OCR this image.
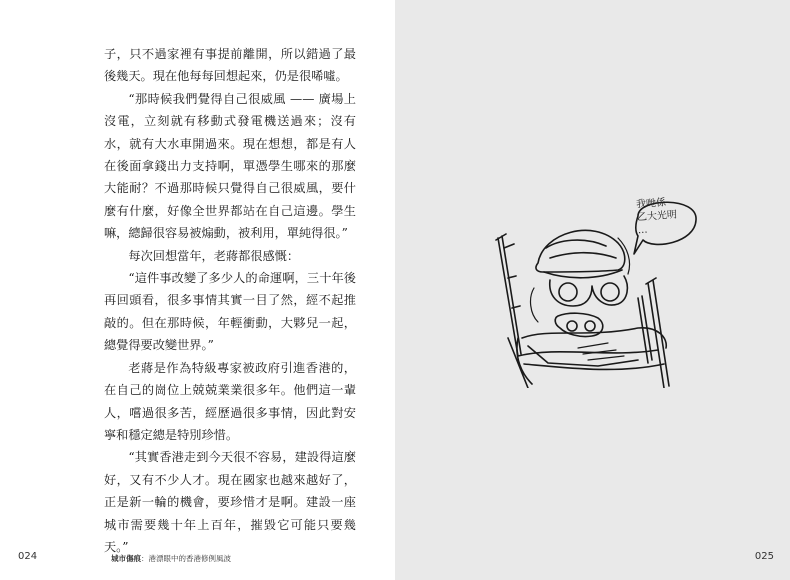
子，只不過家裡有事提前離開，所以錯過了最後幾天。現在他每每回想起來，仍是很唏噓。

“那時候我們覺得自己很威風 —— 廣場上沒電，立刻就有移動式發電機送過來；沒有水，就有大水車開過來。現在想想，都是有人在後面拿錢出力支持啊，單憑學生哪來的那麼大能耐？不過那時候只覺得自己很威風，要什麼有什麼，好像全世界都站在自己這邊。學生嘛，總歸很容易被煽動，被利用，單純得很。”

每次回想當年，老蔣都很感慨：

“這件事改變了多少人的命運啊，三十年後再回頭看，很多事情其實一目了然，經不起推敲的。但在那時候，年輕衝動，大夥兒一起，總覺得要改變世界。”

老蔣是作為特級專家被政府引進香港的，在自己的崗位上兢兢業業很多年。他們這一輩人，嚐過很多苦，經歷過很多事情，因此對安寧和穩定總是特別珍惜。

“其實香港走到今天很不容易，建設得這麼好，又有不少人才。現在國家也越來越好了，正是新一輪的機會，要珍惜才是啊。建設一座城市需要幾十年上百年，摧毀它可能只要幾天。”

024	城市傷痕：港漂眼中的香港修例風波	025
我哋係
乙大光明
...
